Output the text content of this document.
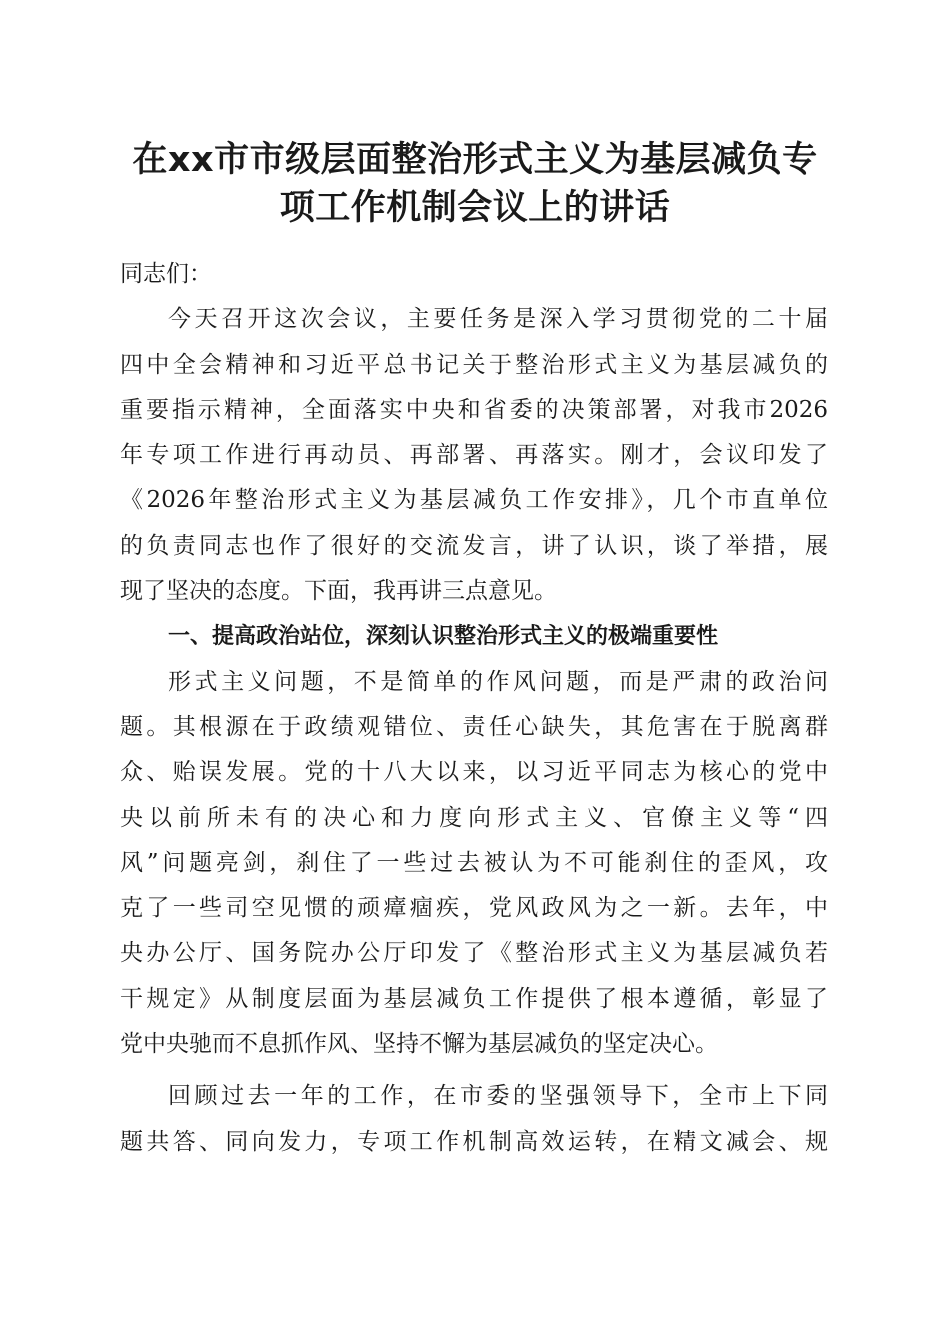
在xx市市级层面整治形式主义为基层减负专
项工作机制会议上的讲话
同志们：
今天召开这次会议，主要任务是深入学习贯彻党的二十届
四中全会精神和习近平总书记关于整治形式主义为基层减负的
重要指示精神，全面落实中央和省委的决策部署，对我市2026
年专项工作进行再动员、再部署、再落实。刚才，会议印发了
《2026年整治形式主义为基层减负工作安排》，几个市直单位
的负责同志也作了很好的交流发言，讲了认识，谈了举措，展
现了坚决的态度。下面，我再讲三点意见。
一、提高政治站位，深刻认识整治形式主义的极端重要性
形式主义问题，不是简单的作风问题，而是严肃的政治问
题。其根源在于政绩观错位、责任心缺失，其危害在于脱离群
众、贻误发展。党的十八大以来，以习近平同志为核心的党中
央以前所未有的决心和力度向形式主义、官僚主义等“四
风”问题亮剑，刹住了一些过去被认为不可能刹住的歪风，攻
克了一些司空见惯的顽瘴痼疾，党风政风为之一新。去年，中
央办公厅、国务院办公厅印发了《整治形式主义为基层减负若
干规定》从制度层面为基层减负工作提供了根本遵循，彰显了
党中央驰而不息抓作风、坚持不懈为基层减负的坚定决心。
回顾过去一年的工作，在市委的坚强领导下，全市上下同
题共答、同向发力，专项工作机制高效运转，在精文减会、规
